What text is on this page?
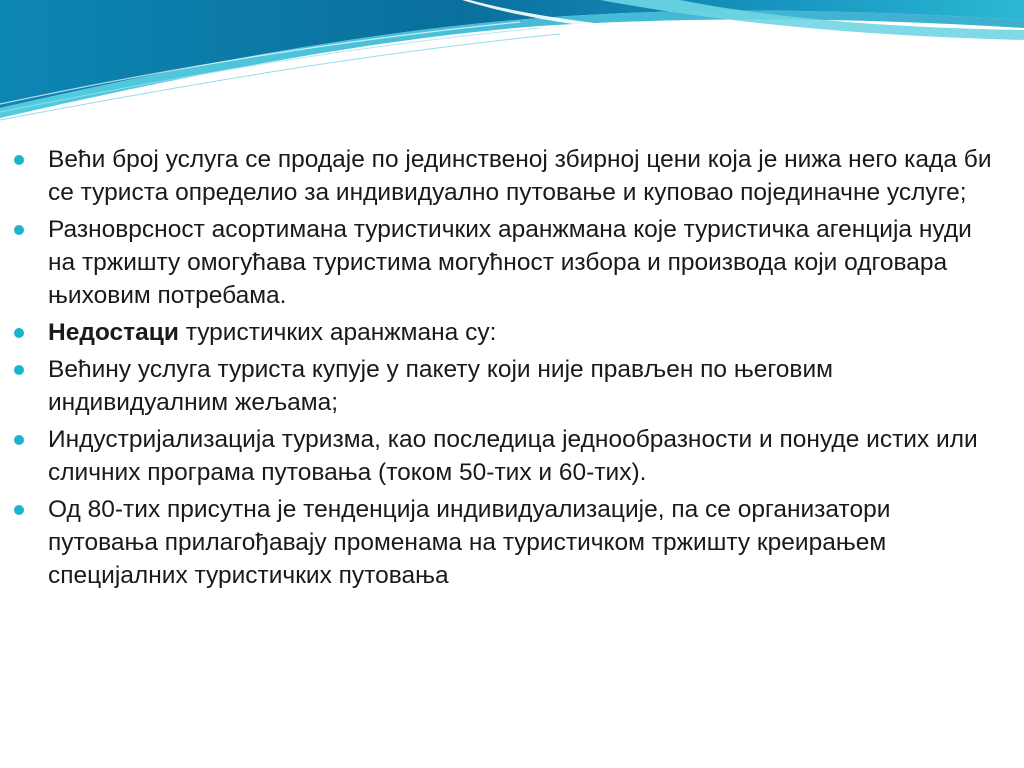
Већи број услуга се продаје по јединственој збирној цени која је нижа него када би се туриста определио за индивидуално путовање и куповао појединачне услуге;
Разноврсност асортимана туристичких аранжмана које туристичка агенција нуди на тржишту омогућава туристима могућност избора и производа који одговара њиховим потребама.
Недостаци туристичких аранжмана су:
Већину услуга туриста купује у пакету који није прављен по његовим индивидуалним жељама;
Индустријализација туризма, као последица једнообразности и понуде истих или сличних програма путовања (током 50-тих и 60-тих).
Од 80-тих присутна је тенденција индивидуализације, па се организатори путовања прилагођавају променама на туристичком тржишту креирањем специјалних туристичких путовања
